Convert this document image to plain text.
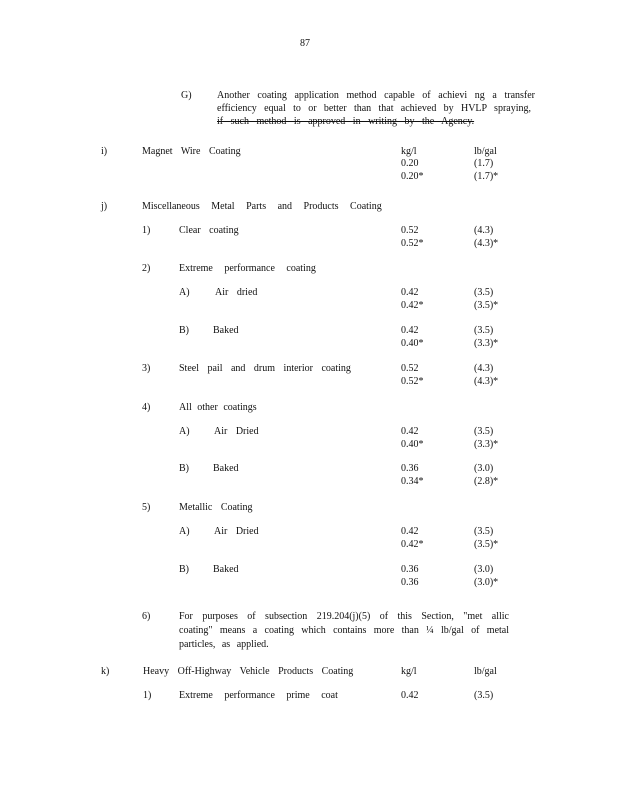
87
G)	Another coating application method capable of achievi ng a transfer
efficiency equal to or better than that achieved by HVLP spraying,
if such method is approved in writing by the Agency.
i)	Magnet Wire Coating	kg/l	lb/gal
0.20	(1.7)
0.20*	(1.7)*
j)	Miscellaneous Metal Parts and Products Coating
1)	Clear coating	0.52	(4.3)
0.52*	(4.3)*
2)	Extreme performance coating
A)	Air dried	0.42	(3.5)
0.42*	(3.5)*
B) Baked	0.42	(3.5)
0.40*	(3.3)*
3)	Steel pail and drum interior coating	0.52	(4.3)
0.52*	(4.3)*
4)	All other coatings
A) Air Dried	0.42	(3.5)
0.40*	(3.3)*
B) Baked	0.36	(3.0)
0.34*	(2.8)*
5)	Metallic Coating
A) Air Dried	0.42	(3.5)
0.42*	(3.5)*
B) Baked	0.36	(3.0)
0.36	(3.0)*
6)	For purposes of subsection 219.204(j)(5) of this Section, "met allic
coating" means a coating which contains more than ¼ lb/gal of metal
particles, as applied.
k)	Heavy Off-Highway Vehicle Products Coating	kg/l	lb/gal
1)	Extreme performance prime coat	0.42	(3.5)
